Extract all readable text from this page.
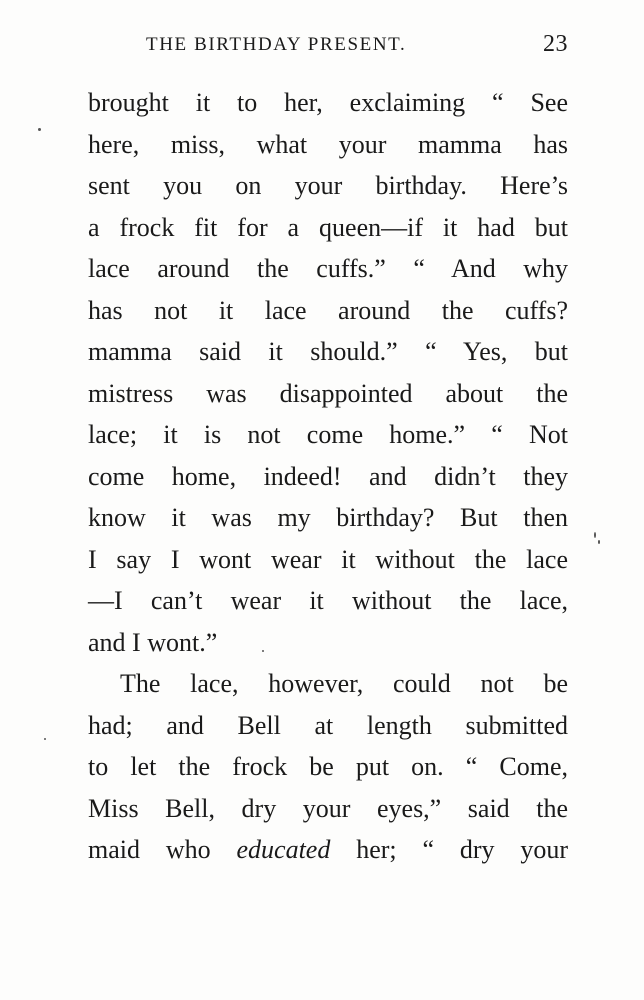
THE BIRTHDAY PRESENT.	23
brought it to her, exclaiming “ See
here, miss, what your mamma has
sent you on your birthday. Here’s
a frock fit for a queen—if it had but
lace around the cuffs.” “ And why
has not it lace around the cuffs?
mamma said it should.” “ Yes, but
mistress was disappointed about the
lace; it is not come home.” “ Not
come home, indeed! and didn’t they
know it was my birthday? But then
I say I wont wear it without the lace
—I can’t wear it without the lace,
and I wont.”
The lace, however, could not be
had; and Bell at length submitted
to let the frock be put on. “ Come,
Miss Bell, dry your eyes,” said the
maid who educated her; “ dry your
